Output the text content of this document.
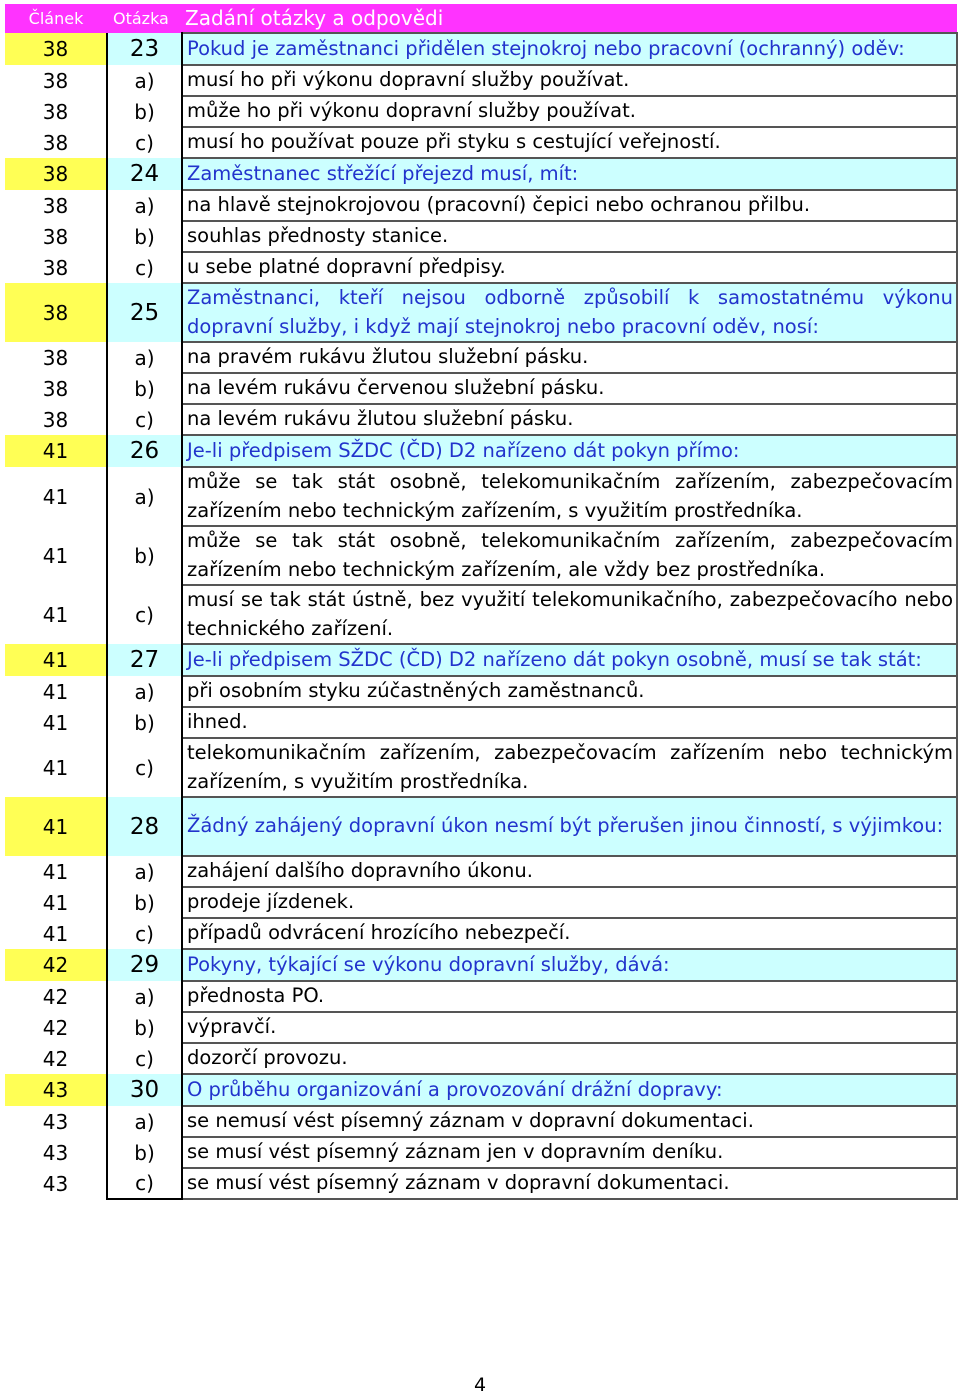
Článek	Otázka	Zadání otázky a odpovědi
38	23	Pokud je zaměstnanci přidělen stejnokroj nebo pracovní (ochranný) oděv:
38	a)	musí ho při výkonu dopravní služby používat.
38	b)	může ho při výkonu dopravní služby používat.
38	c)	musí ho používat pouze při styku s cestující veřejností.
38	24	Zaměstnanec střežící přejezd musí, mít:
38	a)	na hlavě stejnokrojovou (pracovní) čepici nebo ochranou přilbu.
38	b)	souhlas přednosty stanice.
38	c)	u sebe platné dopravní předpisy.
38	25	Zaměstnanci, kteří nejsou odborně způsobilí k samostatnému výkonu dopravní služby, i když mají stejnokroj nebo pracovní oděv, nosí:
38	a)	na pravém rukávu žlutou služební pásku.
38	b)	na levém rukávu červenou služební pásku.
38	c)	na levém rukávu žlutou služební pásku.
41	26	Je-li předpisem SŽDC (ČD) D2 nařízeno dát pokyn přímo:
41	a)	může se tak stát osobně, telekomunikačním zařízením, zabezpečovacím zařízením nebo technickým zařízením, s využitím prostředníka.
41	b)	může se tak stát osobně, telekomunikačním zařízením, zabezpečovacím zařízením nebo technickým zařízením, ale vždy bez prostředníka.
41	c)	musí se tak stát ústně, bez využití telekomunikačního, zabezpečovacího nebo technického zařízení.
41	27	Je-li předpisem SŽDC (ČD) D2 nařízeno dát pokyn osobně, musí se tak stát:
41	a)	při osobním styku zúčastněných zaměstnanců.
41	b)	ihned.
41	c)	telekomunikačním zařízením, zabezpečovacím zařízením nebo technickým zařízením, s využitím prostředníka.
41	28	Žádný zahájený dopravní úkon nesmí být přerušen jinou činností, s výjimkou:
41	a)	zahájení dalšího dopravního úkonu.
41	b)	prodeje jízdenek.
41	c)	případů odvrácení hrozícího nebezpečí.
42	29	Pokyny, týkající se výkonu dopravní služby, dává:
42	a)	přednosta PO.
42	b)	výpravčí.
42	c)	dozorčí provozu.
43	30	O průběhu organizování a provozování drážní dopravy:
43	a)	se nemusí vést písemný záznam v dopravní dokumentaci.
43	b)	se musí vést písemný záznam jen v dopravním deníku.
43	c)	se musí vést písemný záznam v dopravní dokumentaci.
4
